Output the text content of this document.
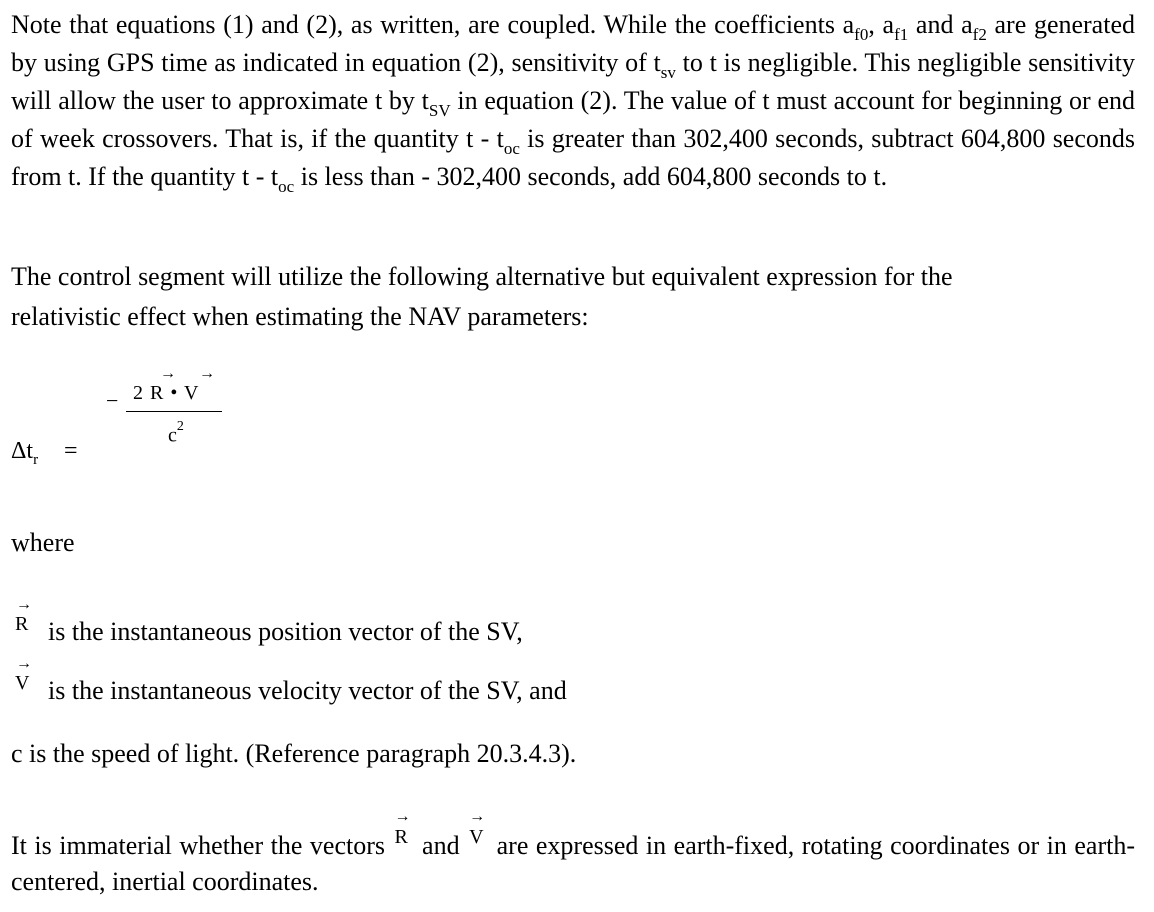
Note that equations (1) and (2), as written, are coupled. While the coefficients $a_{f0}$, $a_{f1}$ and $a_{f2}$ are generated by using GPS time as indicated in equation (2), sensitivity of $t_{sv}$ to t is negligible. This negligible sensitivity will allow the user to approximate t by $t_{SV}$ in equation (2). The value of t must account for beginning or end of week crossovers. That is, if the quantity t - $t_{oc}$ is greater than 302,400 seconds, subtract 604,800 seconds from t. If the quantity t - $t_{oc}$ is less than - 302,400 seconds, add 604,800 seconds to t.

The control segment will utilize the following alternative but equivalent expression for the

relativistic effect when estimating the NAV parameters:

−
→ →
2 R • V
$c^2$
$\Delta t_r$ =
where
→
R is the instantaneous position vector of the SV,
→
V is the instantaneous velocity vector of the SV, and
c is the speed of light. (Reference paragraph 20.3.4.3).

It is immaterial whether the vectors
→
R and
→
V are expressed in earth-fixed, rotating coordinates or in earth-centered, inertial coordinates.
